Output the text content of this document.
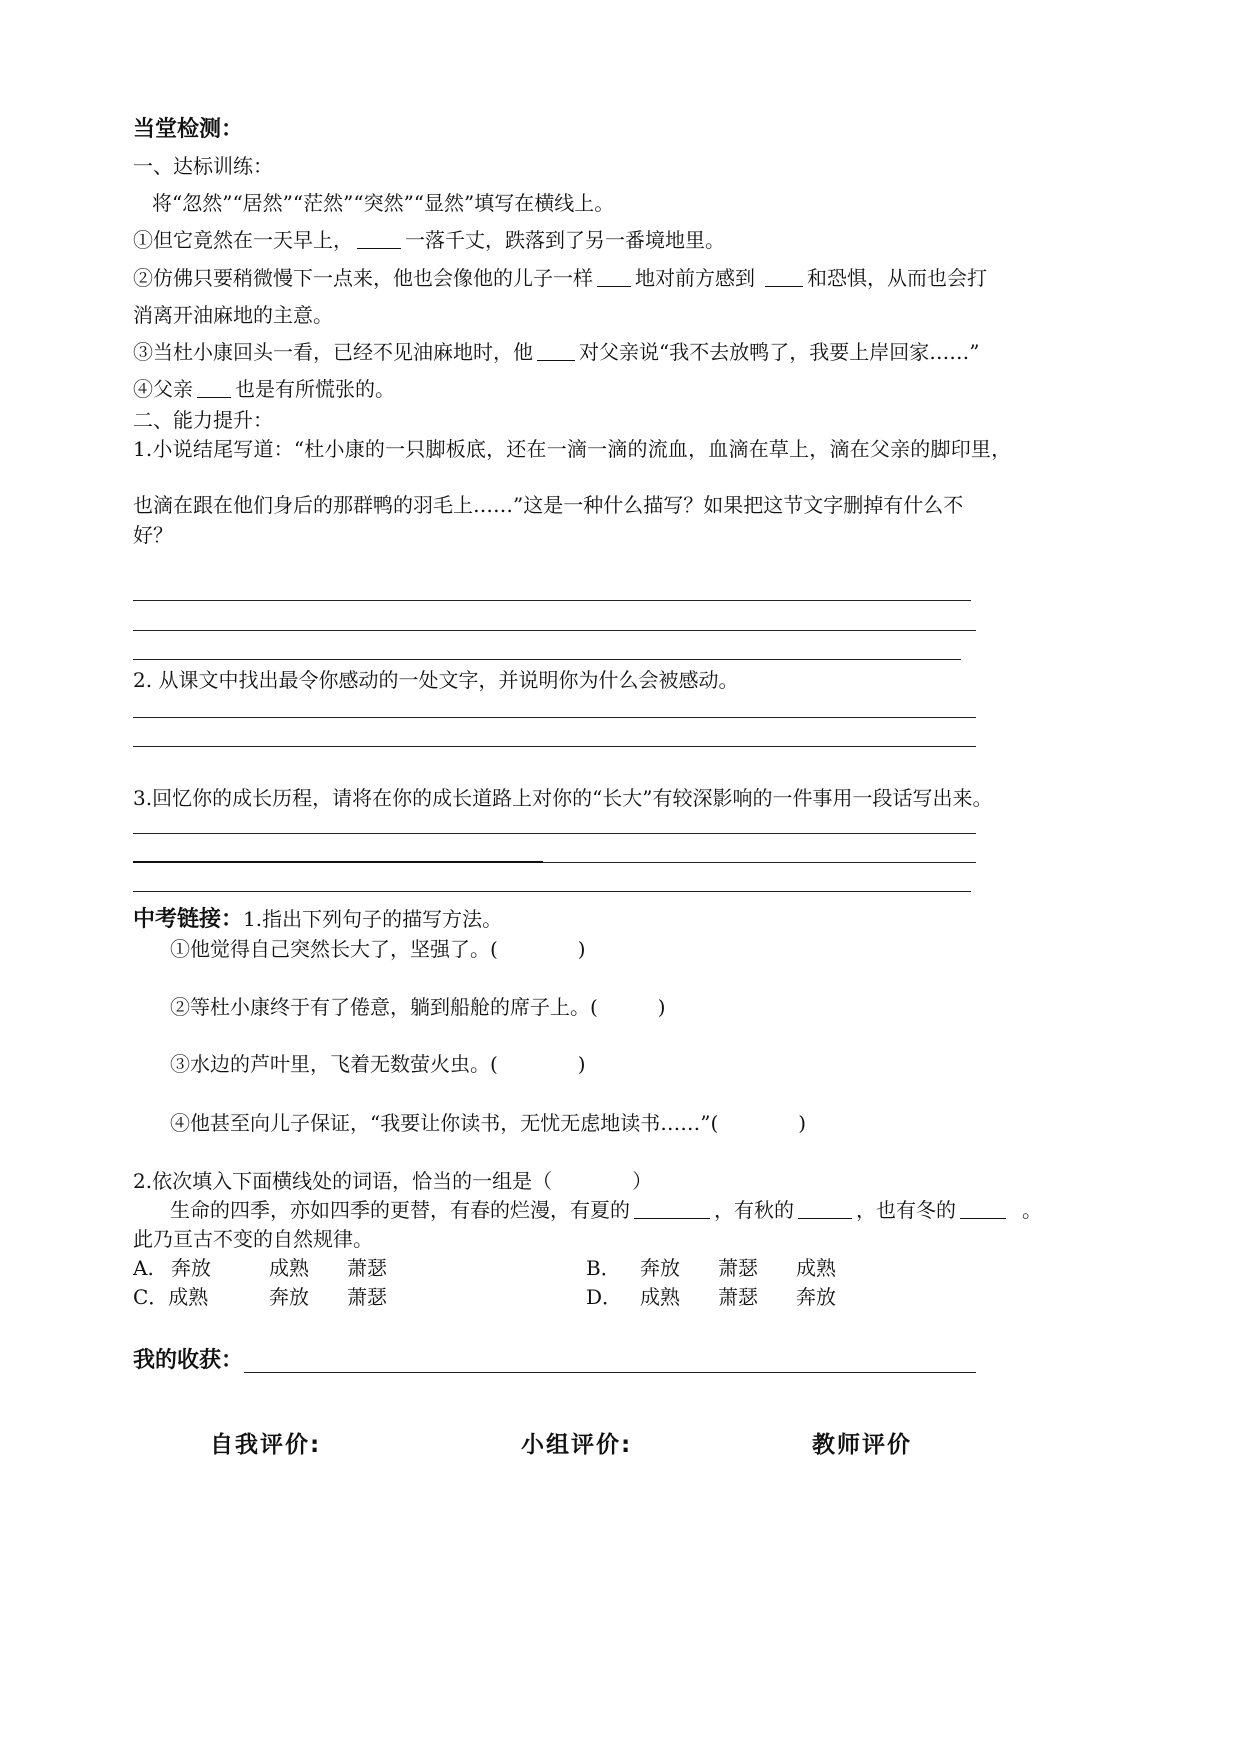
当堂检测：
一、达标训练：
将“忽然”“居然”“茫然”“突然”“显然”填写在横线上。
①但它竟然在一天早上，	一落千丈，跌落到了另一番境地里。
②仿佛只要稍微慢下一点来，他也会像他的儿子一样 地对前方感到	和恐惧，从而也会打
消离开油麻地的主意。
③当杜小康回头一看，已经不见油麻地时，他 对父亲说“我不去放鸭了，我要上岸回家……”
④父亲 也是有所慌张的。
二、能力提升：
1.小说结尾写道：“杜小康的一只脚板底，还在一滴一滴的流血，血滴在草上，滴在父亲的脚印里，
也滴在跟在他们身后的那群鸭的羽毛上……”这是一种什么描写？如果把这节文字删掉有什么不
好？
2. 从课文中找出最令你感动的一处文字，并说明你为什么会被感动。
3.回忆你的成长历程，请将在你的成长道路上对你的“长大”有较深影响的一件事用一段话写出来。
中考链接：1.指出下列句子的描写方法。
①他觉得自己突然长大了，坚强了。(　　　　)
②等杜小康终于有了倦意，躺到船舱的席子上。(　　　)
③水边的芦叶里，飞着无数萤火虫。(　　　　)
④他甚至向儿子保证，“我要让你读书，无忧无虑地读书……”(　　　　)
2.依次填入下面横线处的词语，恰当的一组是（　　　　）
生命的四季，亦如四季的更替，有春的烂漫，有夏的	，有秋的	，也有冬的	。
此乃亘古不变的自然规律。
A. 奔放	成熟 萧瑟	B． 奔放 萧瑟 成熟
C．成熟	奔放 萧瑟	D． 成熟 萧瑟 奔放
我的收获：
自我评价:	小组评价:	教师评价
